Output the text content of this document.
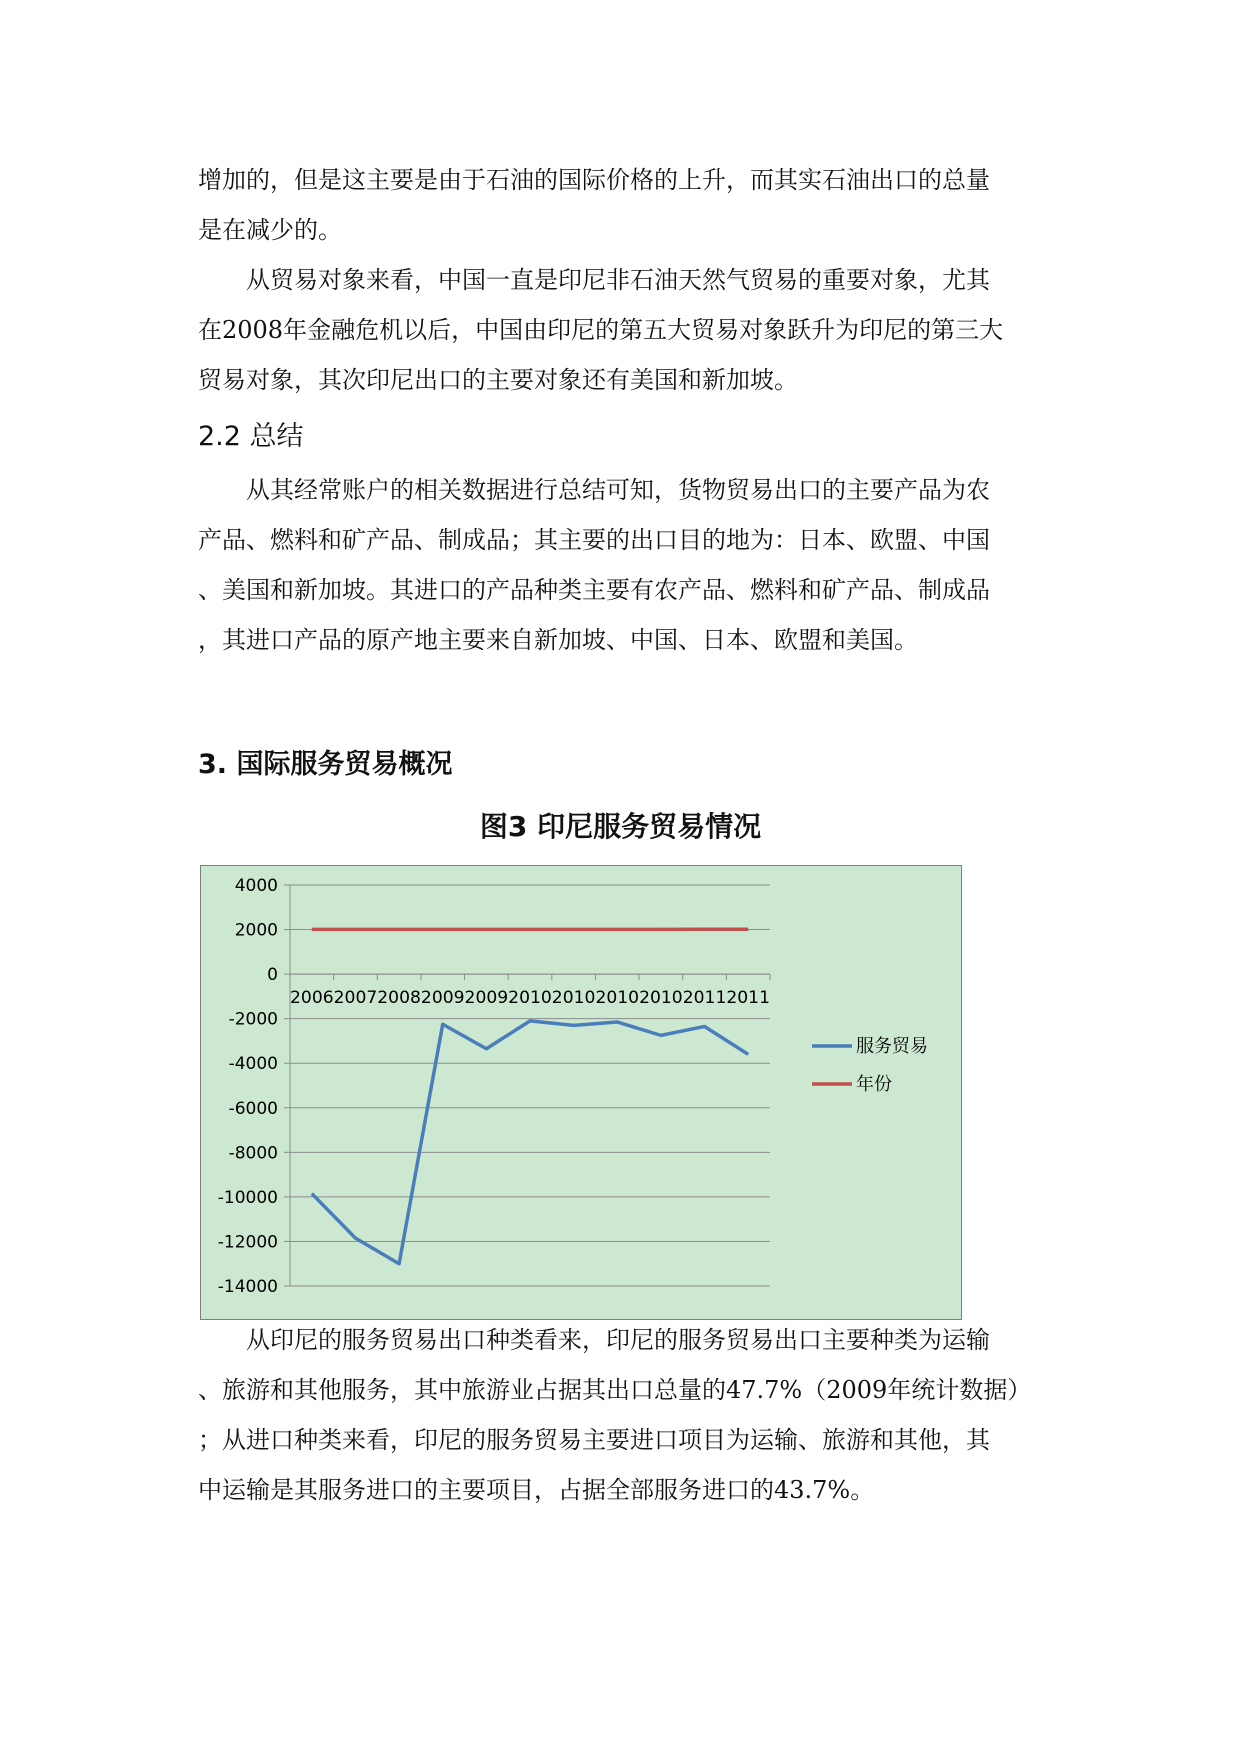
增加的，但是这主要是由于石油的国际价格的上升，而其实石油出口的总量
是在减少的。

从贸易对象来看，中国一直是印尼非石油天然气贸易的重要对象，尤其
在2008年金融危机以后，中国由印尼的第五大贸易对象跃升为印尼的第三大
贸易对象，其次印尼出口的主要对象还有美国和新加坡。

2.2 总结

从其经常账户的相关数据进行总结可知，货物贸易出口的主要产品为农
产品、燃料和矿产品、制成品；其主要的出口目的地为：日本、欧盟、中国
、美国和新加坡。其进口的产品种类主要有农产品、燃料和矿产品、制成品
，其进口产品的原产地主要来自新加坡、中国、日本、欧盟和美国。

3. 国际服务贸易概况

图3 印尼服务贸易情况

4000
2000
0
-2000
-4000
-6000
-8000
-10000
-12000
-14000
2006 2007 2008 2009 2009 2010 2010 2010 2010 2011 2011
服务贸易
年份

从印尼的服务贸易出口种类看来，印尼的服务贸易出口主要种类为运输
、旅游和其他服务，其中旅游业占据其出口总量的47.7%（2009年统计数据）
；从进口种类来看，印尼的服务贸易主要进口项目为运输、旅游和其他，其
中运输是其服务进口的主要项目，占据全部服务进口的43.7%。
